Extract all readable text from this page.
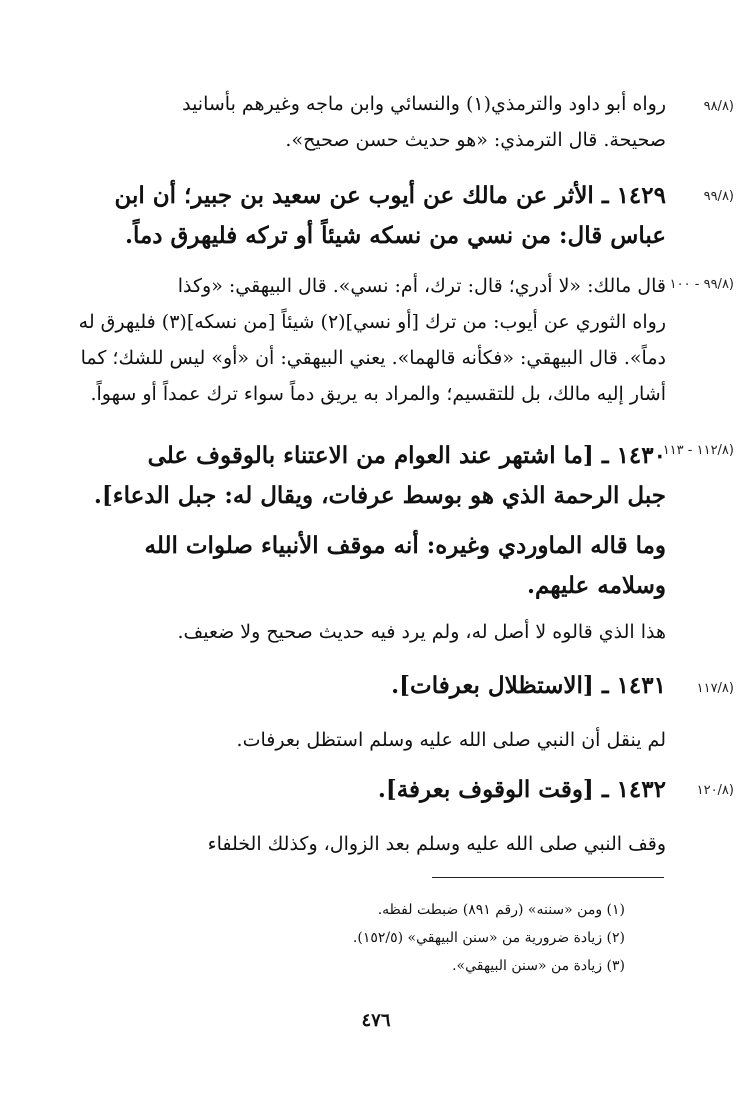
(٩٨/٨
رواه أبو داود والترمذي(١) والنسائي وابن ماجه وغيرهم بأسانيد
صحيحة. قال الترمذي: «هو حديث حسن صحيح».
(٩٩/٨
١٤٢٩ ـ الأثر عن مالك عن أيوب عن سعيد بن جبير؛ أن ابن
عباس قال: من نسي من نسكه شيئاً أو تركه فليهرق دماً.
(٩٩/٨ - ١٠٠
قال مالك: «لا أدري؛ قال: ترك، أم: نسي». قال البيهقي: «وكذا
رواه الثوري عن أيوب: من ترك [أو نسي](٢) شيئاً [من نسكه](٣) فليهرق له
دماً». قال البيهقي: «فكأنه قالهما». يعني البيهقي: أن «أو» ليس للشك؛ كما
أشار إليه مالك، بل للتقسيم؛ والمراد به يريق دماً سواء ترك عمداً أو سهواً.
(١١٢/٨ - ١١٣
١٤٣٠ ـ [ما اشتهر عند العوام من الاعتناء بالوقوف على
جبل الرحمة الذي هو بوسط عرفات، ويقال له: جبل الدعاء].
وما قاله الماوردي وغيره: أنه موقف الأنبياء صلوات الله
وسلامه عليهم.
هذا الذي قالوه لا أصل له، ولم يرد فيه حديث صحيح ولا ضعيف.
(١١٧/٨
١٤٣١ ـ [الاستظلال بعرفات].
لم ينقل أن النبي صلى الله عليه وسلم استظل بعرفات.
(١٢٠/٨
١٤٣٢ ـ [وقت الوقوف بعرفة].
وقف النبي صلى الله عليه وسلم بعد الزوال، وكذلك الخلفاء
(١) ومن «سننه» (رقم ٨٩١) ضبطت لفظه.
(٢) زيادة ضرورية من «سنن البيهقي» (١٥٢/٥).
(٣) زيادة من «سنن البيهقي».
٤٧٦
